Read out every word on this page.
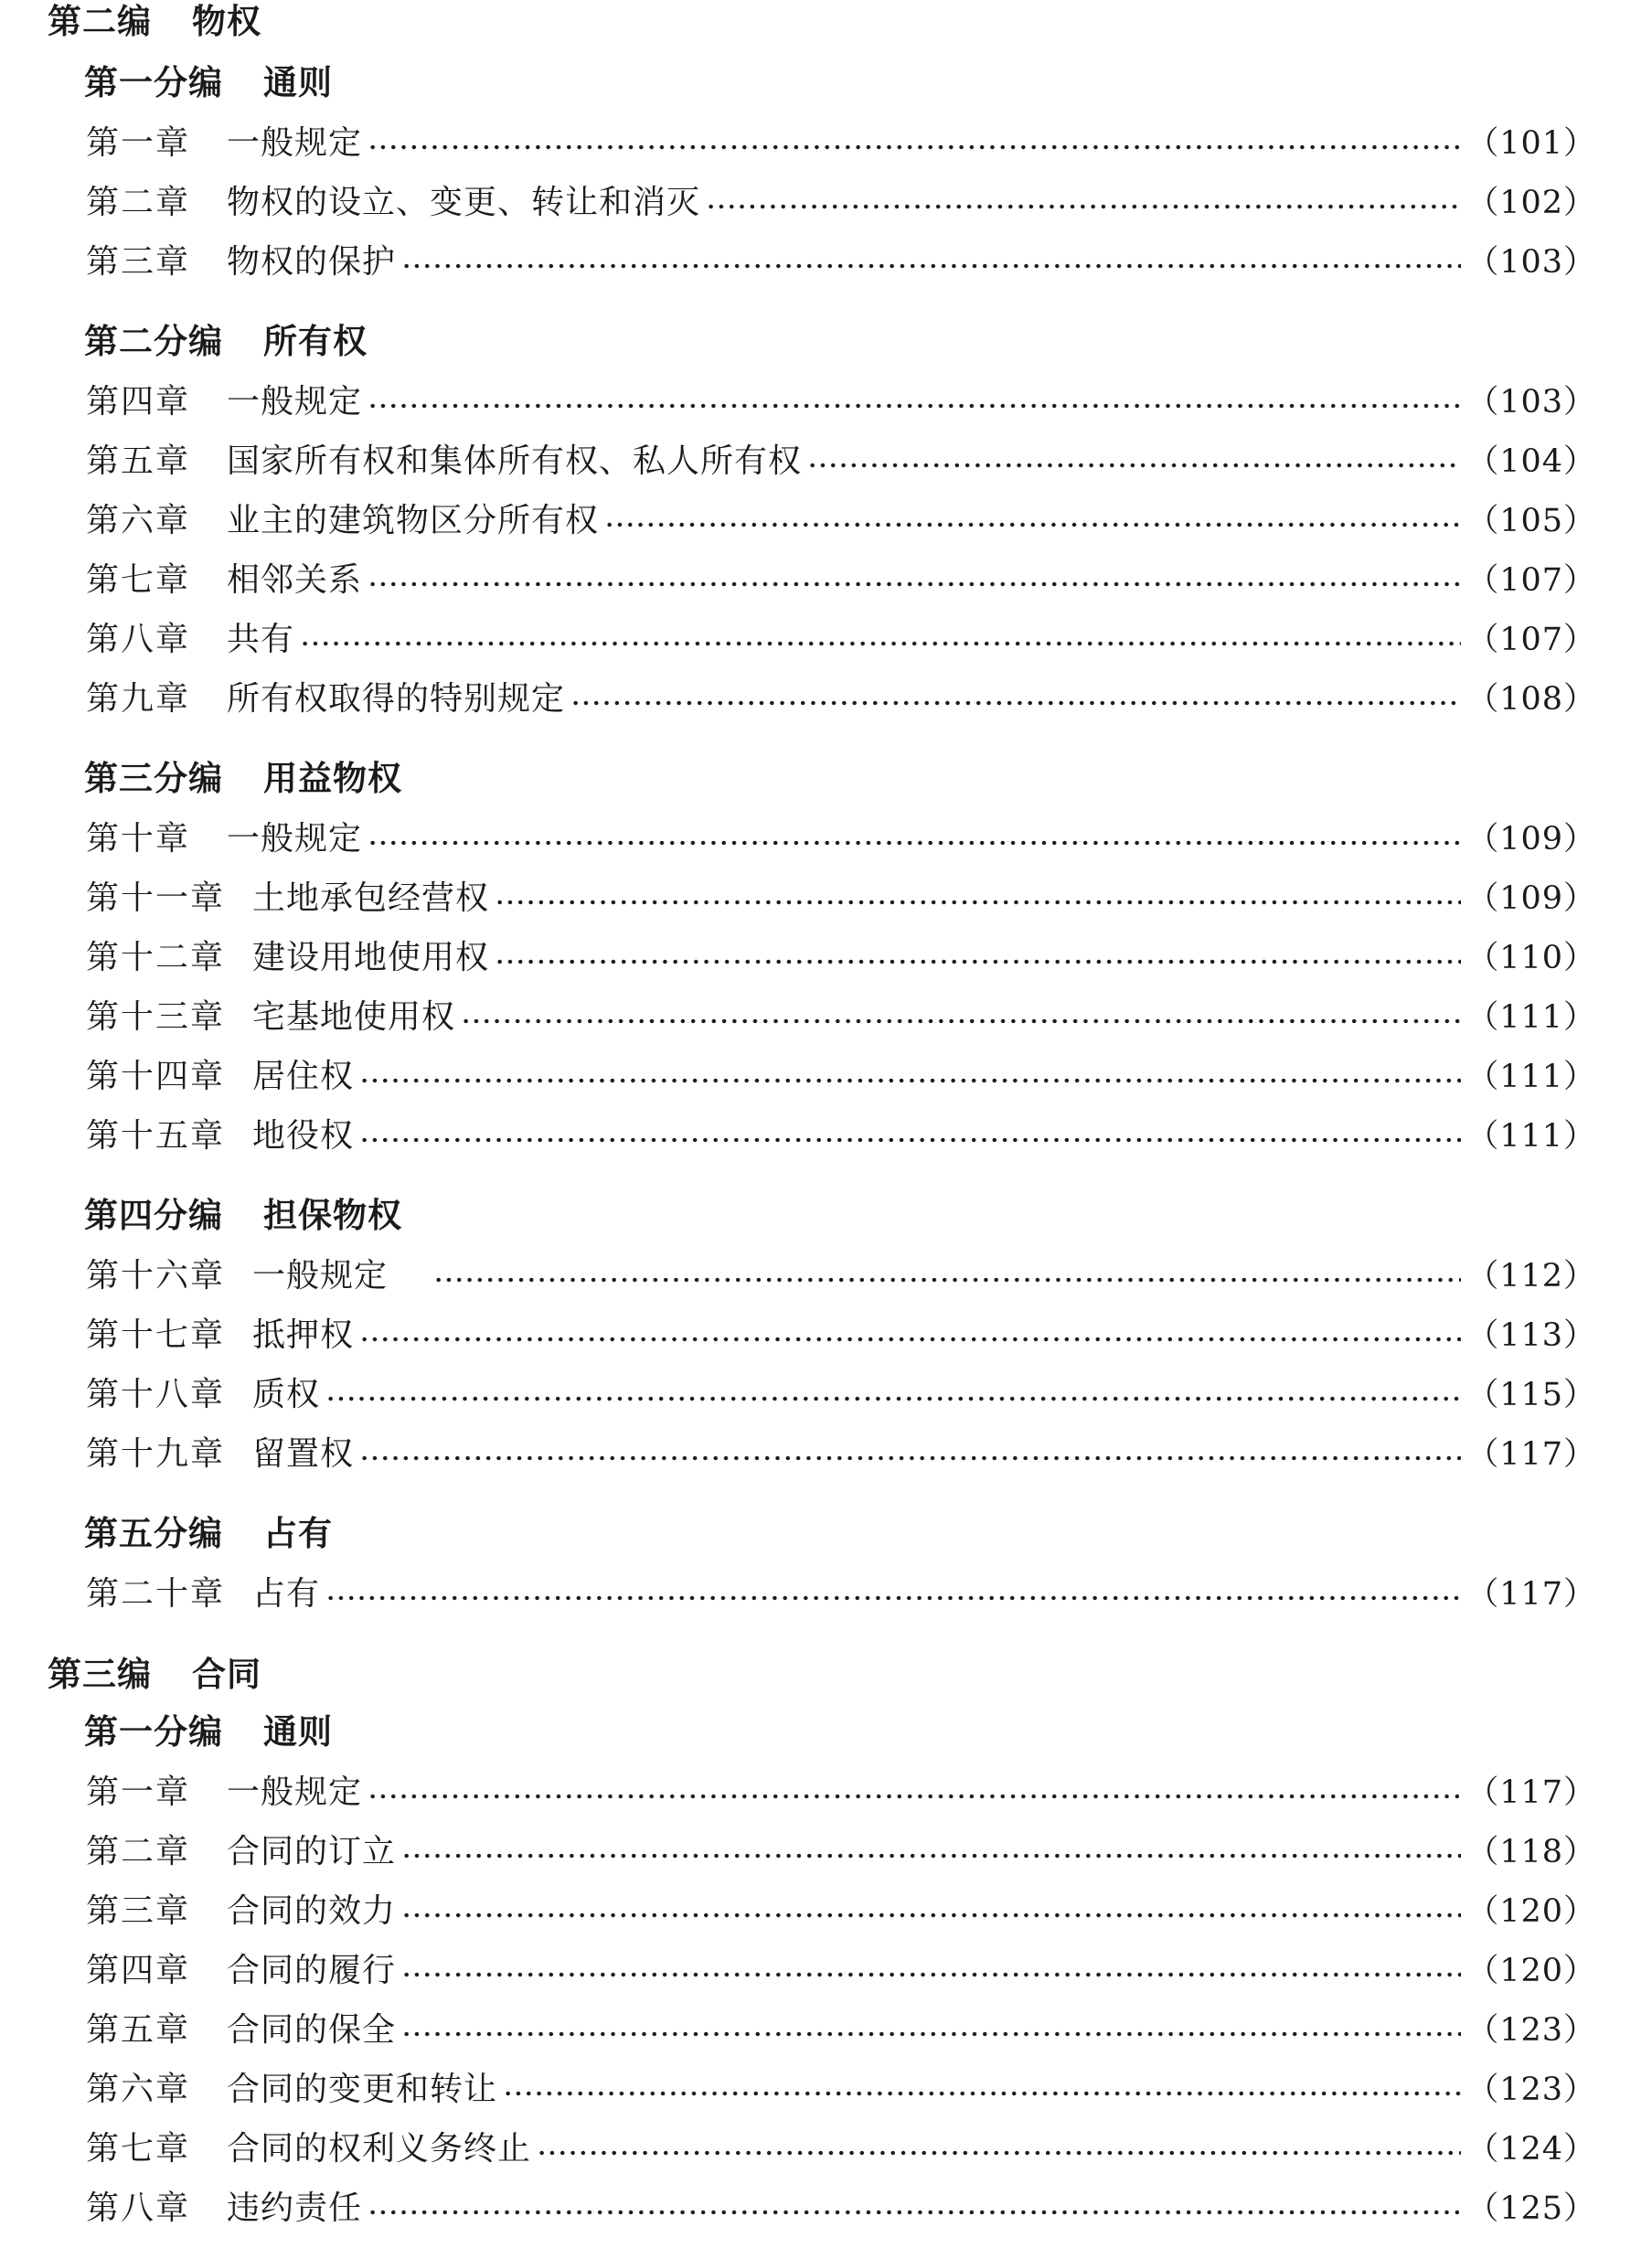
第二编 物权
第一分编 通则
第一章 一般规定	（101）
第二章 物权的设立、变更、转让和消灭	（102）
第三章 物权的保护	（103）
第二分编 所有权
第四章 一般规定	（103）
第五章 国家所有权和集体所有权、私人所有权	（104）
第六章 业主的建筑物区分所有权	（105）
第七章 相邻关系	（107）
第八章 共有	（107）
第九章 所有权取得的特别规定	（108）
第三分编 用益物权
第十章 一般规定	（109）
第十一章 土地承包经营权	（109）
第十二章 建设用地使用权	（110）
第十三章 宅基地使用权	（111）
第十四章 居住权	（111）
第十五章 地役权	（111）
第四分编 担保物权
第十六章 一般规定	（112）
第十七章 抵押权	（113）
第十八章 质权	（115）
第十九章 留置权	（117）
第五分编 占有
第二十章 占有	（117）
第三编 合同
第一分编 通则
第一章 一般规定	（117）
第二章 合同的订立	（118）
第三章 合同的效力	（120）
第四章 合同的履行	（120）
第五章 合同的保全	（123）
第六章 合同的变更和转让	（123）
第七章 合同的权利义务终止	（124）
第八章 违约责任	（125）
